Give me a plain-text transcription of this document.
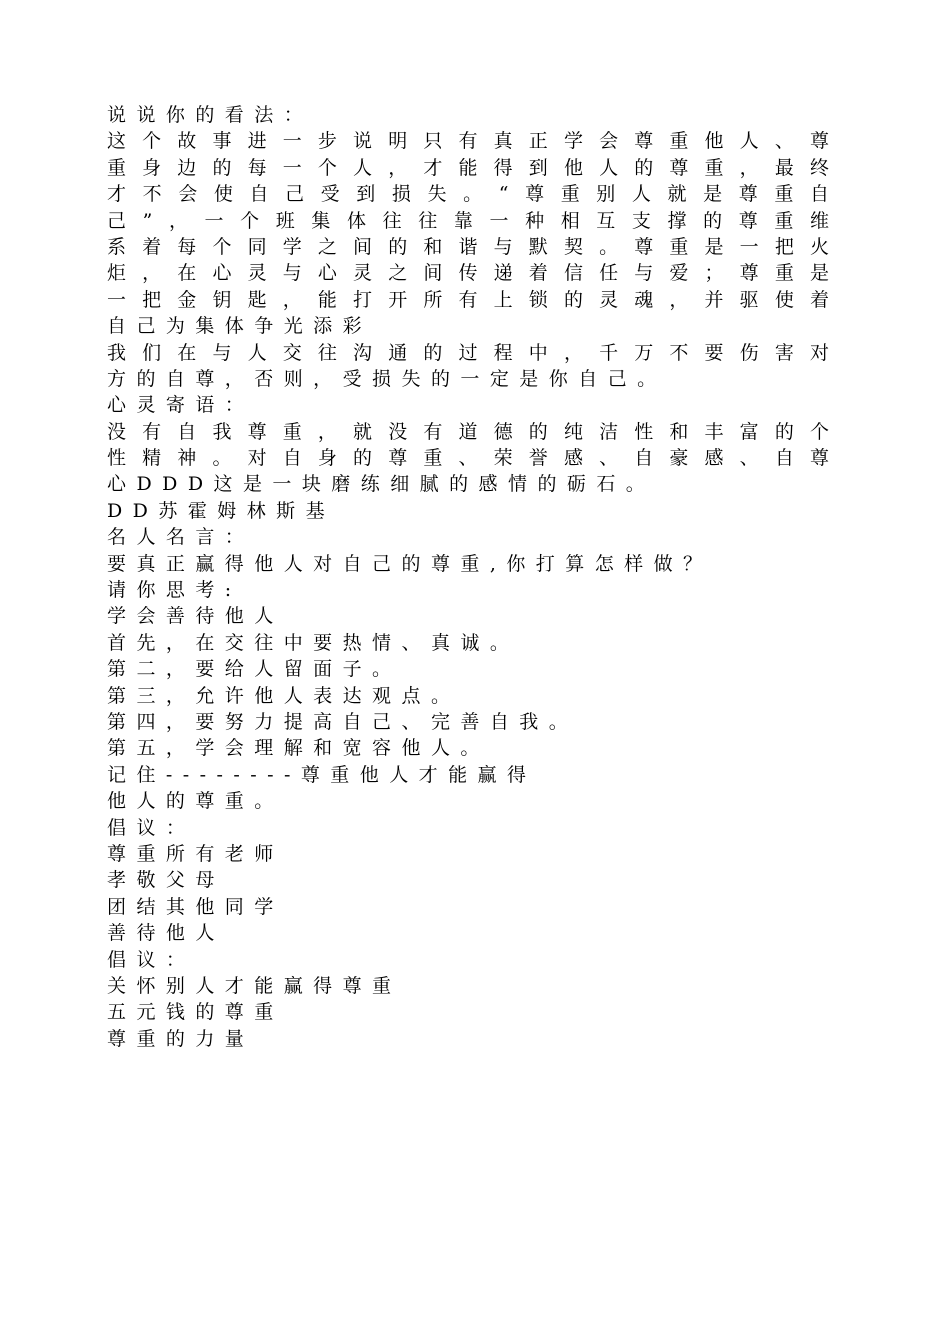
说说你的看法：
这个故事进一步说明只有真正学会尊重他人、尊
重身边的每一个人，才能得到他人的尊重，最终
才不会使自己受到损失。“尊重别人就是尊重自
己”，一个班集体往往靠一种相互支撑的尊重维
系着每个同学之间的和谐与默契。尊重是一把火
炬，在心灵与心灵之间传递着信任与爱；尊重是
一把金钥匙，能打开所有上锁的灵魂，并驱使着
自己为集体争光添彩
我们在与人交往沟通的过程中，千万不要伤害对
方的自尊，否则，受损失的一定是你自己。
心灵寄语：
没有自我尊重，就没有道德的纯洁性和丰富的个
性精神。对自身的尊重、荣誉感、自豪感、自尊
心DDD这是一块磨练细腻的感情的砺石。
DD苏霍姆林斯基
名人名言：
要真正赢得他人对自己的尊重,你打算怎样做？
请你思考:
学会善待他人
首先，在交往中要热情、真诚。
第二，要给人留面子。
第三，允许他人表达观点。
第四，要努力提高自己、完善自我。
第五，学会理解和宽容他人。
记住--------尊重他人才能赢得
他人的尊重。
倡议：
尊重所有老师
孝敬父母
团结其他同学
善待他人
倡议：
关怀别人才能赢得尊重
五元钱的尊重
尊重的力量
